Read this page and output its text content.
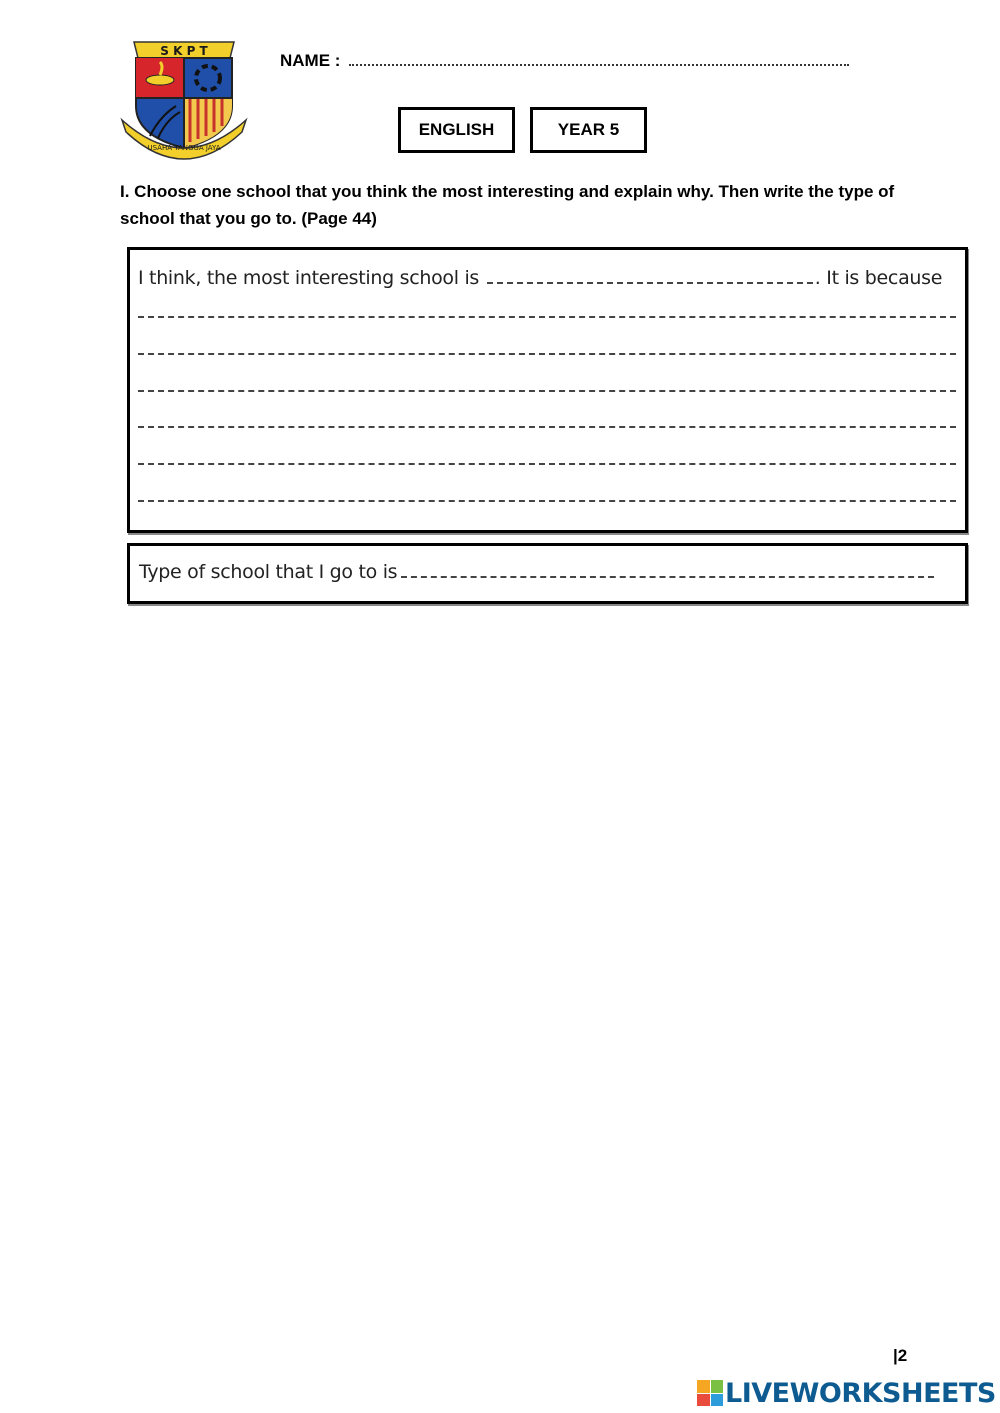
S K P T
USAHA TANGGA JAYA
NAME :
ENGLISH	YEAR 5
I. Choose one school that you think the most interesting and explain why. Then write the type of school that you go to. (Page 44)
I think, the most interesting school is	. It is because
Type of school that I go to is
|2
LIVEWORKSHEETS
